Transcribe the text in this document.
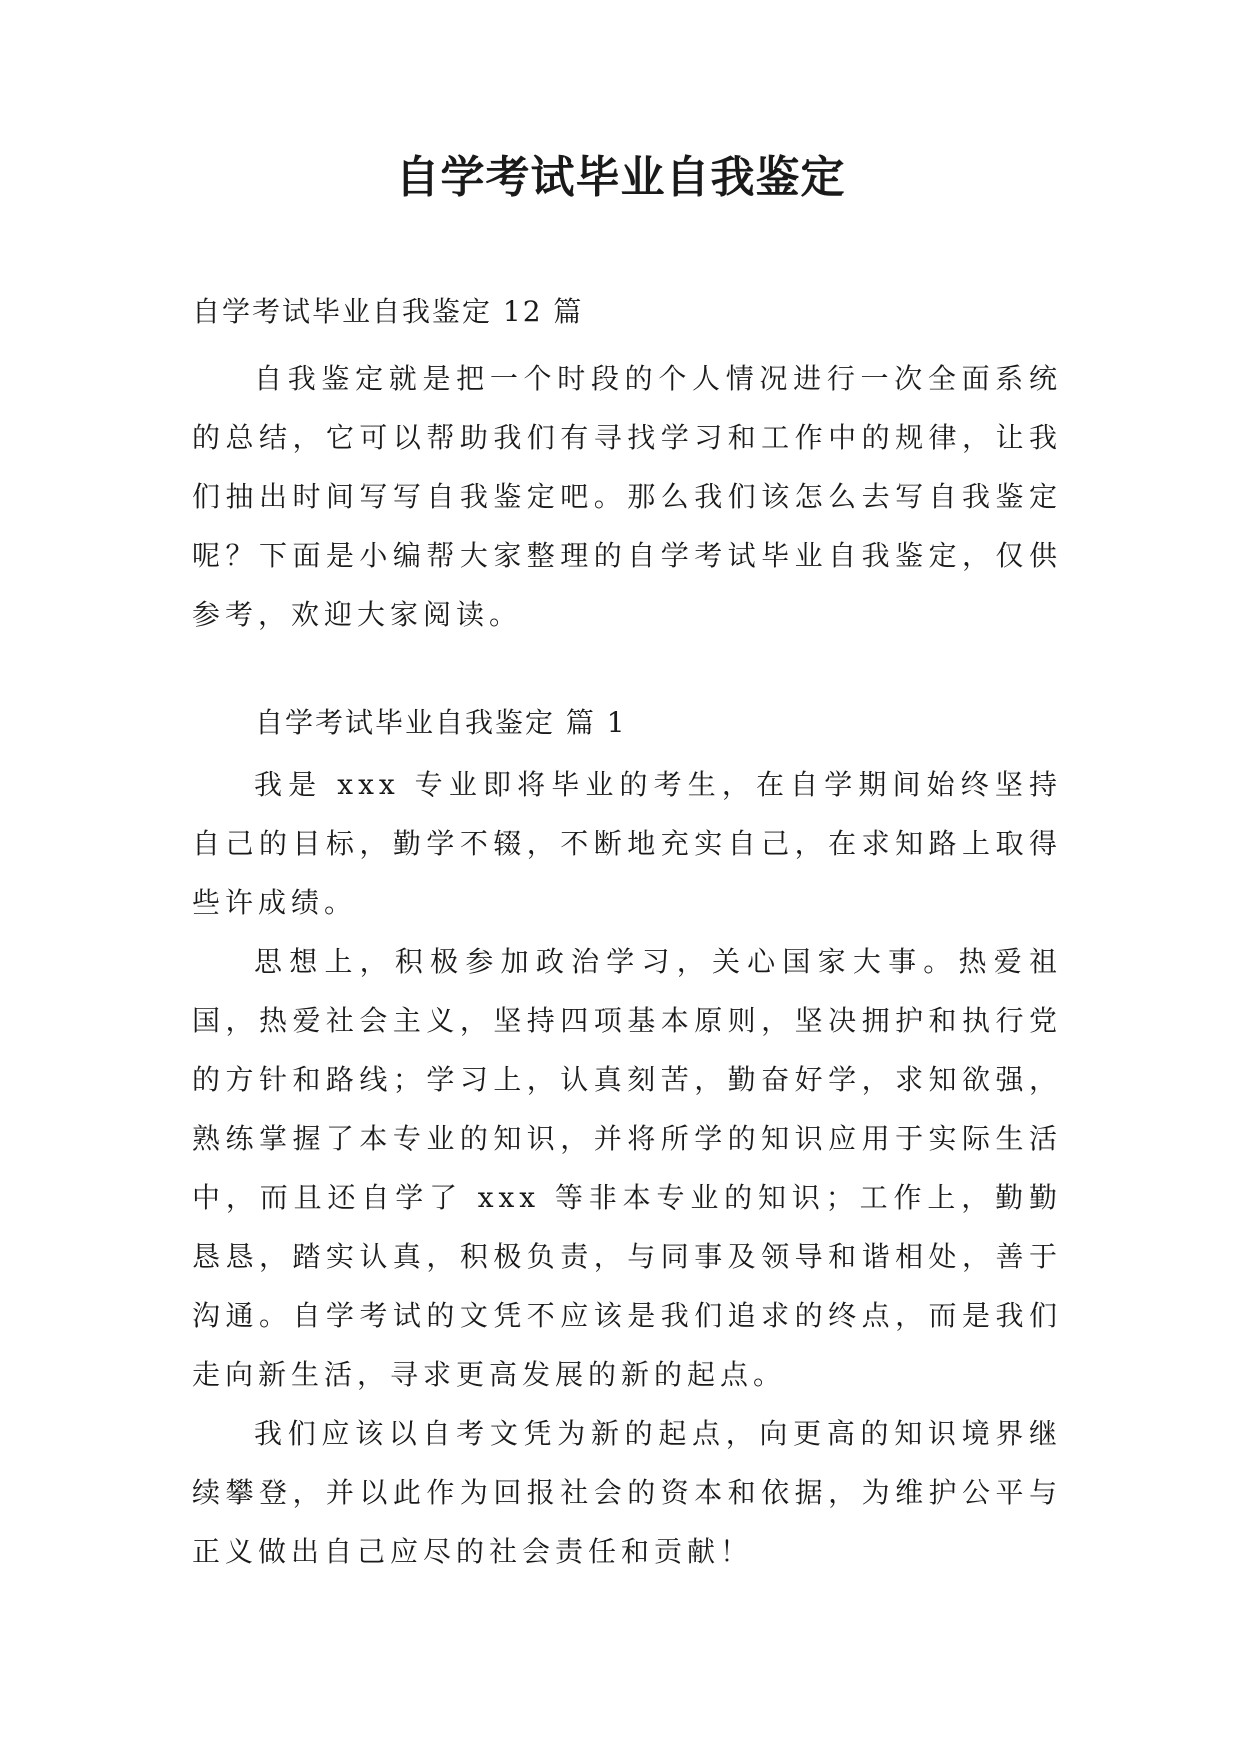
自学考试毕业自我鉴定
自学考试毕业自我鉴定 12 篇

自我鉴定就是把一个时段的个人情况进行一次全面系统的总结，它可以帮助我们有寻找学习和工作中的规律，让我们抽出时间写写自我鉴定吧。那么我们该怎么去写自我鉴定呢？下面是小编帮大家整理的自学考试毕业自我鉴定，仅供参考，欢迎大家阅读。

自学考试毕业自我鉴定 篇 1

我是 xxx 专业即将毕业的考生，在自学期间始终坚持自己的目标，勤学不辍，不断地充实自己，在求知路上取得些许成绩。

思想上，积极参加政治学习，关心国家大事。热爱祖国，热爱社会主义，坚持四项基本原则，坚决拥护和执行党的方针和路线；学习上，认真刻苦，勤奋好学，求知欲强，熟练掌握了本专业的知识，并将所学的知识应用于实际生活中，而且还自学了 xxx 等非本专业的知识；工作上，勤勤恳恳，踏实认真，积极负责，与同事及领导和谐相处，善于沟通。自学考试的文凭不应该是我们追求的终点，而是我们走向新生活，寻求更高发展的新的起点。

我们应该以自考文凭为新的起点，向更高的知识境界继续攀登，并以此作为回报社会的资本和依据，为维护公平与正义做出自己应尽的社会责任和贡献！
